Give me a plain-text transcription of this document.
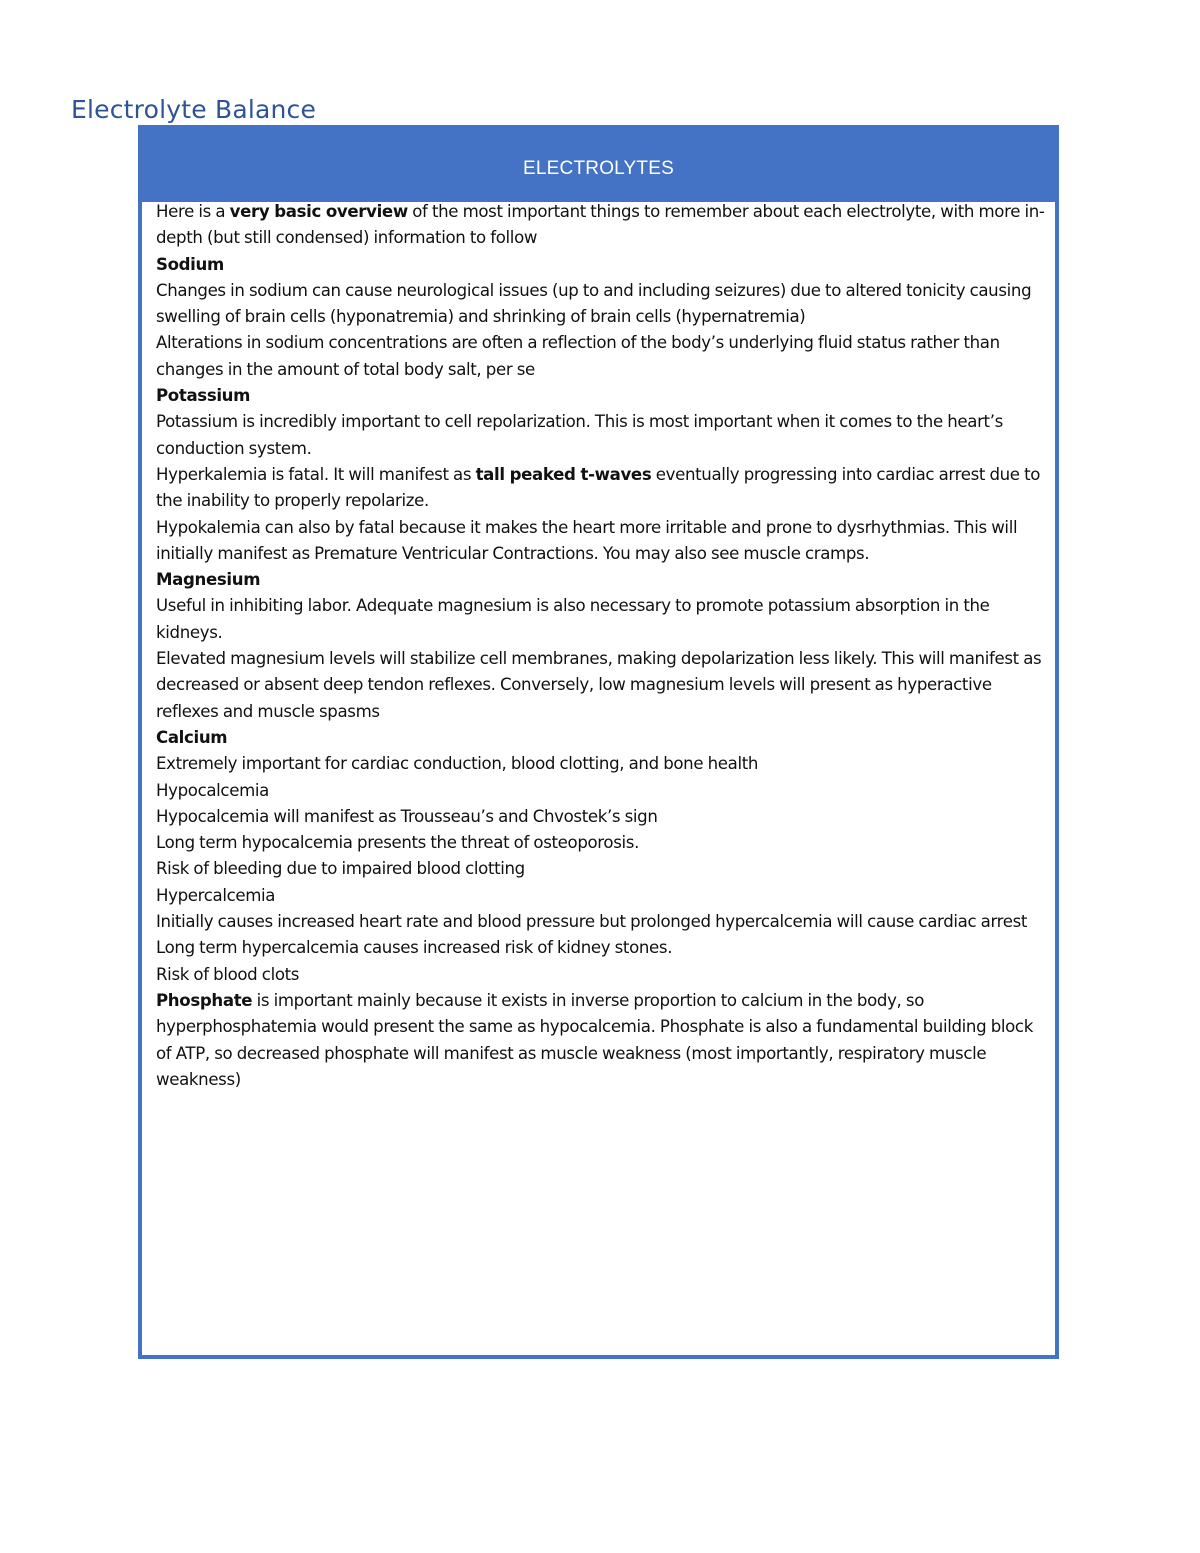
Electrolyte Balance
ELECTROLYTES

Here is a very basic overview of the most important things to remember about each electrolyte, with more in-depth (but still condensed) information to follow

Sodium

Changes in sodium can cause neurological issues (up to and including seizures) due to altered tonicity causing swelling of brain cells (hyponatremia) and shrinking of brain cells (hypernatremia)

Alterations in sodium concentrations are often a reflection of the body’s underlying fluid status rather than changes in the amount of total body salt, per se

Potassium

Potassium is incredibly important to cell repolarization. This is most important when it comes to the heart’s conduction system.

Hyperkalemia is fatal. It will manifest as tall peaked t-waves eventually progressing into cardiac arrest due to the inability to properly repolarize.

Hypokalemia can also by fatal because it makes the heart more irritable and prone to dysrhythmias. This will initially manifest as Premature Ventricular Contractions. You may also see muscle cramps.

Magnesium

Useful in inhibiting labor. Adequate magnesium is also necessary to promote potassium absorption in the kidneys.

Elevated magnesium levels will stabilize cell membranes, making depolarization less likely. This will manifest as decreased or absent deep tendon reflexes. Conversely, low magnesium levels will present as hyperactive reflexes and muscle spasms

Calcium

Extremely important for cardiac conduction, blood clotting, and bone health

Hypocalcemia

Hypocalcemia will manifest as Trousseau’s and Chvostek’s sign

Long term hypocalcemia presents the threat of osteoporosis.

Risk of bleeding due to impaired blood clotting

Hypercalcemia

Initially causes increased heart rate and blood pressure but prolonged hypercalcemia will cause cardiac arrest

Long term hypercalcemia causes increased risk of kidney stones.

Risk of blood clots

Phosphate is important mainly because it exists in inverse proportion to calcium in the body, so hyperphosphatemia would present the same as hypocalcemia. Phosphate is also a fundamental building block of ATP, so decreased phosphate will manifest as muscle weakness (most importantly, respiratory muscle weakness)
